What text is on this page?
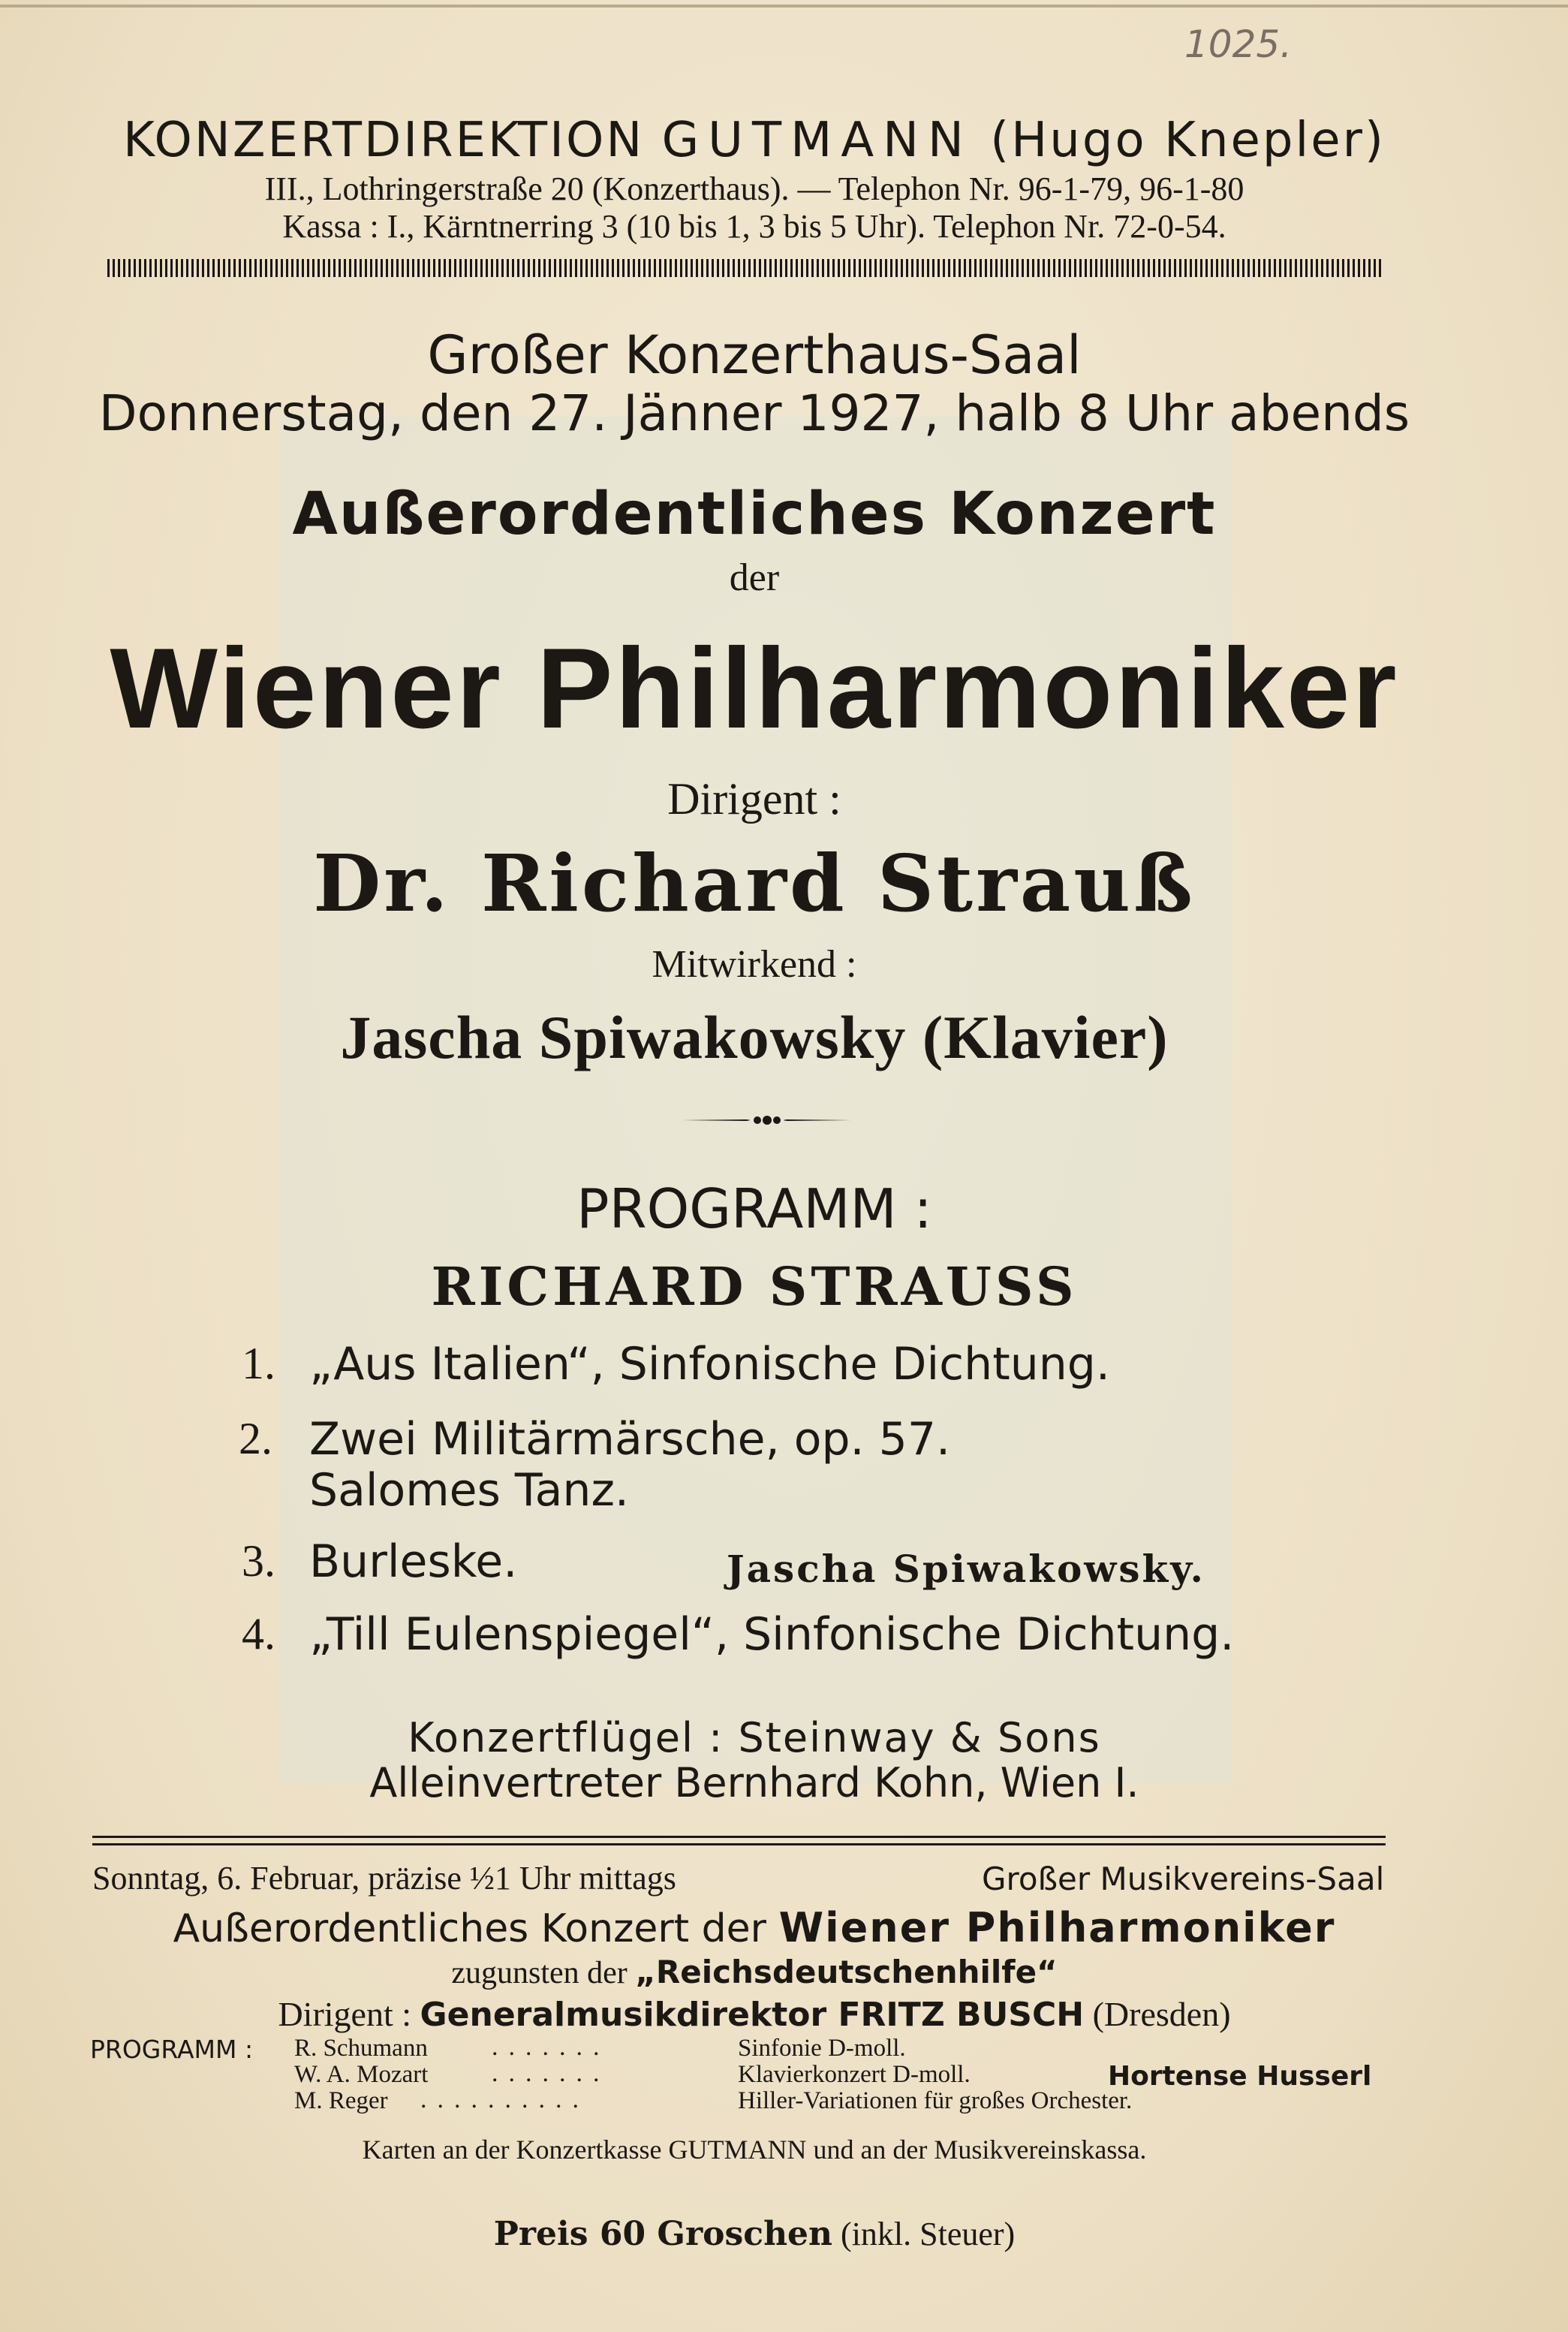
1025.
KONZERTDIREKTION GUTMANN (Hugo Knepler)
III., Lothringerstraße 20 (Konzerthaus). — Telephon Nr. 96-1-79, 96-1-80
Kassa : I., Kärntnerring 3 (10 bis 1, 3 bis 5 Uhr). Telephon Nr. 72-0-54.
Großer Konzerthaus-Saal
Donnerstag, den 27. Jänner 1927, halb 8 Uhr abends
Außerordentliches Konzert
der
Wiener Philharmoniker
Dirigent :
Dr. Richard Strauß
Mitwirkend :
Jascha Spiwakowsky (Klavier)
PROGRAMM :
RICHARD STRAUSS
1. „Aus Italien“, Sinfonische Dichtung.
2. Zwei Militärmärsche, op. 57.
Salomes Tanz.
3. Burleske.	Jascha Spiwakowsky.
4. „Till Eulenspiegel“, Sinfonische Dichtung.
Konzertflügel : Steinway & Sons
Alleinvertreter Bernhard Kohn, Wien I.
Sonntag, 6. Februar, präzise ½1 Uhr mittags	Großer Musikvereins-Saal
Außerordentliches Konzert der Wiener Philharmoniker
zugunsten der „Reichsdeutschenhilfe“
Dirigent : Generalmusikdirektor FRITZ BUSCH (Dresden)
PROGRAMM : R. Schumann	.......	Sinfonie D-moll.
W. A. Mozart .......	Klavierkonzert D-moll.	Hortense Husserl
M. Reger ..........	Hiller-Variationen für großes Orchester.
Karten an der Konzertkasse GUTMANN und an der Musikvereinskassa.
Preis 60 Groschen (inkl. Steuer)
